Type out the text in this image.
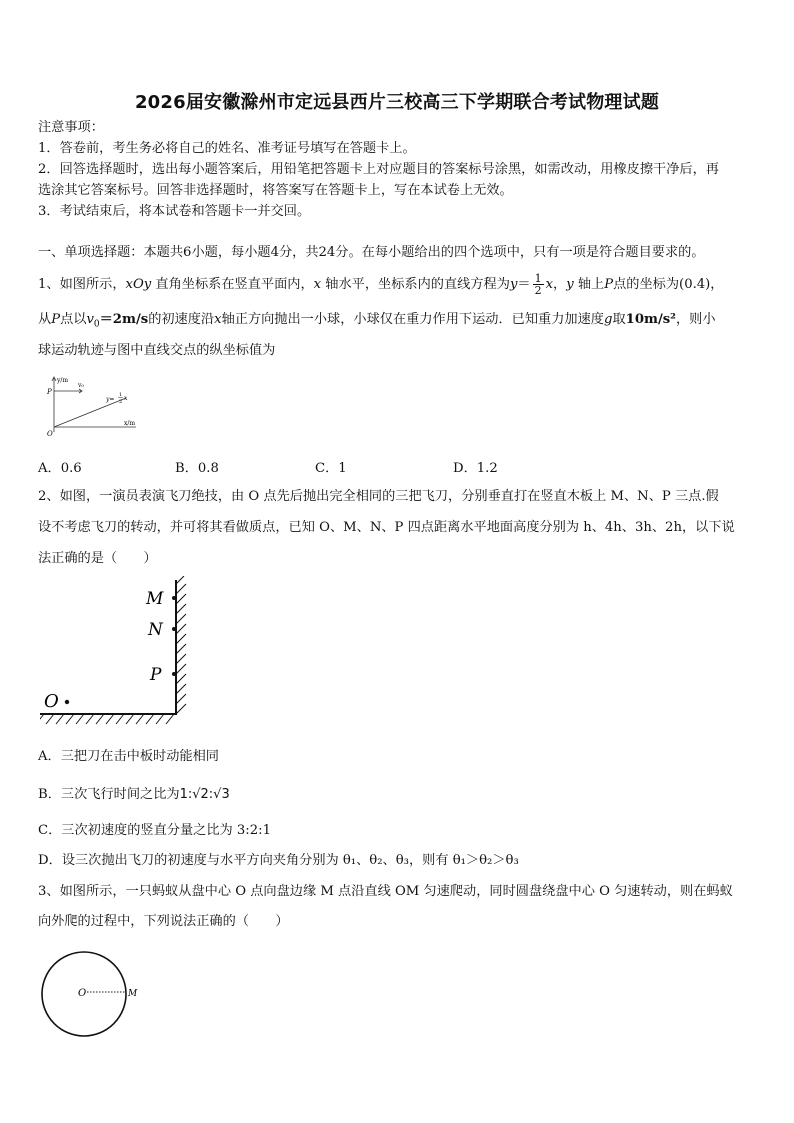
2026届安徽滁州市定远县西片三校高三下学期联合考试物理试题
注意事项：
1．答卷前，考生务必将自己的姓名、准考证号填写在答题卡上。
2．回答选择题时，选出每小题答案后，用铅笔把答题卡上对应题目的答案标号涂黑，如需改动，用橡皮擦干净后，再
选涂其它答案标号。回答非选择题时，将答案写在答题卡上，写在本试卷上无效。
3．考试结束后，将本试卷和答题卡一并交回。
一、单项选择题：本题共6小题，每小题4分，共24分。在每小题给出的四个选项中，只有一项是符合题目要求的。
1、如图所示，xOy 直角坐标系在竖直平面内，x 轴水平，坐标系内的直线方程为$y= \frac{1}{2}$ x，y 轴上P点的坐标为(0.4)，
从P点以$v_0=2m/s$的初速度沿x轴正方向抛出一小球，小球仅在重力作用下运动．已知重力加速度g取10m/s²，则小
球运动轨迹与图中直线交点的纵坐标值为
y/m
P
v₀
y=
1
2 x
O
x/m
A．0.6	B．0.8	C．1	D．1.2
2、如图，一演员表演飞刀绝技，由 O 点先后抛出完全相同的三把飞刀，分别垂直打在竖直木板上 M、N、P 三点.假
设不考虑飞刀的转动，并可将其看做质点，已知 O、M、N、P 四点距离水平地面高度分别为 h、4h、3h、2h，以下说
法正确的是（　　）
M
N
P
O
A．三把刀在击中板时动能相同
B．三次飞行时间之比为1:√2:√3
C．三次初速度的竖直分量之比为 3:2:1
D．设三次抛出飞刀的初速度与水平方向夹角分别为 θ₁、θ₂、θ₃，则有 θ₁＞θ₂＞θ₃
3、如图所示，一只蚂蚁从盘中心 O 点向盘边缘 M 点沿直线 OM 匀速爬动，同时圆盘绕盘中心 O 匀速转动，则在蚂蚁
向外爬的过程中，下列说法正确的（　　）
O	M
